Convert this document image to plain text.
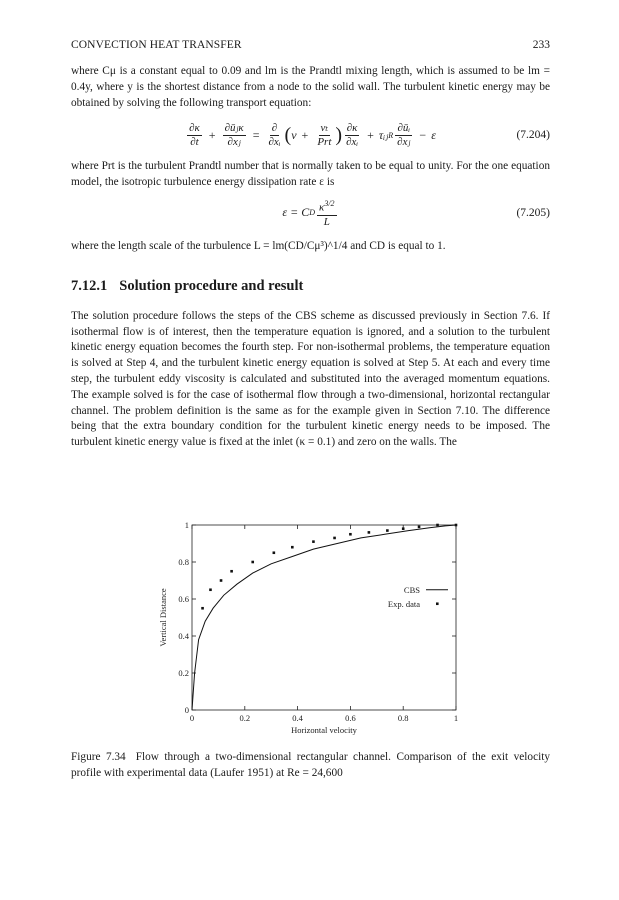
CONVECTION HEAT TRANSFER	233

where Cμ is a constant equal to 0.09 and lm is the Prandtl mixing length, which is assumed to be lm = 0.4y, where y is the shortest distance from a node to the solid wall. The turbulent kinetic energy may be obtained by solving the following transport equation:

$\frac{\partial\kappa}{\partial t} + \frac{\text{∂ūⱼκ}}{\text{∂xⱼ}} = \frac{\partial}{\text{∂xᵢ}}$ ( $\nu + \frac{\text{νₜ}}{\text{Prt}}$ ) $\frac{\partial\kappa}{\text{∂xᵢ}}$ + τᵢⱼ R $\frac{\text{∂ūᵢ}}{\text{∂xⱼ}} - \varepsilon$	(7.204)

where Prt is the turbulent Prandtl number that is normally taken to be equal to unity. For the one equation model, the isotropic turbulence energy dissipation rate ε is

ε = C D $\frac{\kappa^{3/2}}{L}$	(7.205)

where the length scale of the turbulence L = lm(CD/Cμ³)^1/4 and CD is equal to 1.

7.12.1 Solution procedure and result

The solution procedure follows the steps of the CBS scheme as discussed previously in Section 7.6. If isothermal flow is of interest, then the temperature equation is ignored, and a solution to the turbulent kinetic energy equation becomes the fourth step. For non-isothermal problems, the temperature equation is solved at Step 4, and the turbulent kinetic energy equation is solved at Step 5. At each and every time step, the turbulent eddy viscosity is calculated and substituted into the averaged momentum equations. The example solved is for the case of isothermal flow through a two-dimensional, horizontal rectangular channel. The problem definition is the same as for the example given in Section 7.10. The difference being that the extra boundary condition for the turbulent kinetic energy needs to be imposed. The turbulent kinetic energy value is fixed at the inlet (κ = 0.1) and zero on the walls. The

0	0.2	0.4	0.6	0.8	1
0
0.2
0.4
0.6
0.8
1
Horizontal velocity
Vertical Distance	CBS
Exp. data
Figure 7.34 Flow through a two-dimensional rectangular channel. Comparison of the exit velocity profile with experimental data (Laufer 1951) at Re = 24,600
